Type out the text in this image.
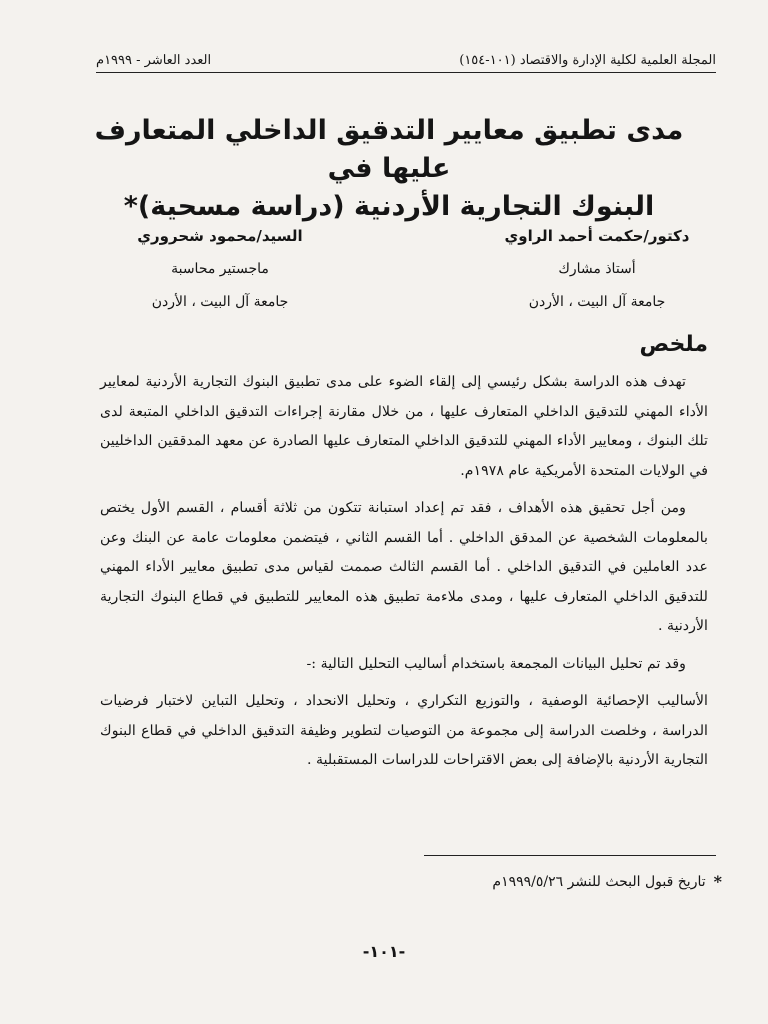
المجلة العلمية لكلية الإدارة والاقتصاد (١٠١-١٥٤)
العدد العاشر - ١٩٩٩م
مدى تطبيق معايير التدقيق الداخلي المتعارف عليها في
البنوك التجارية الأردنية (دراسة مسحية)*
دكتور/حكمت أحمد الراوي
أستاذ مشارك
جامعة آل البيت ، الأردن
السيد/محمود شحروري
ماجستير محاسبة
جامعة آل البيت ، الأردن
ملخص

تهدف هذه الدراسة بشكل رئيسي إلى إلقاء الضوء على مدى تطبيق البنوك التجارية الأردنية لمعايير الأداء المهني للتدقيق الداخلي المتعارف عليها ، من خلال مقارنة إجراءات التدقيق الداخلي المتبعة لدى تلك البنوك ، ومعايير الأداء المهني للتدقيق الداخلي المتعارف عليها الصادرة عن معهد المدققين الداخليين في الولايات المتحدة الأمريكية عام ١٩٧٨م.

ومن أجل تحقيق هذه الأهداف ، فقد تم إعداد استبانة تتكون من ثلاثة أقسام ، القسم الأول يختص بالمعلومات الشخصية عن المدقق الداخلي . أما القسم الثاني ، فيتضمن معلومات عامة عن البنك وعن عدد العاملين في التدقيق الداخلي . أما القسم الثالث صممت لقياس مدى تطبيق معايير الأداء المهني للتدقيق الداخلي المتعارف عليها ، ومدى ملاءمة تطبيق هذه المعايير للتطبيق في قطاع البنوك التجارية الأردنية .

وقد تم تحليل البيانات المجمعة باستخدام أساليب التحليل التالية :-

الأساليب الإحصائية الوصفية ، والتوزيع التكراري ، وتحليل الانحداد ، وتحليل التباين لاختبار فرضيات الدراسة ، وخلصت الدراسة إلى مجموعة من التوصيات لتطوير وظيفة التدقيق الداخلي في قطاع البنوك التجارية الأردنية بالإضافة إلى بعض الاقتراحات للدراسات المستقبلية .

*
تاريخ قبول البحث للنشر ١٩٩٩/٥/٢٦م
-١٠١-
